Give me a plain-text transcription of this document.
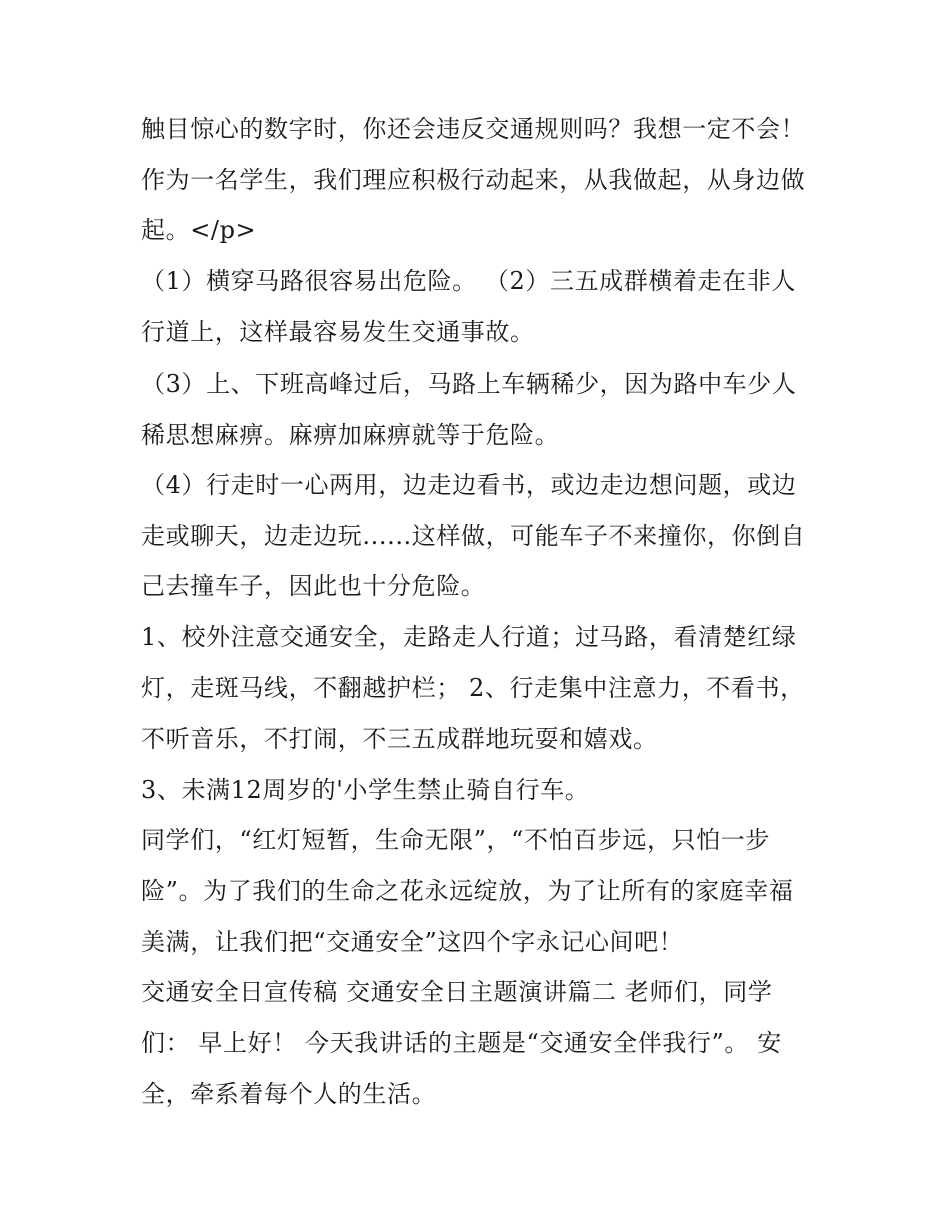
触目惊心的数字时，你还会违反交通规则吗？我想一定不会！
作为一名学生，我们理应积极行动起来，从我做起，从身边做
起。</p>
（1）横穿马路很容易出危险。 （2）三五成群横着走在非人
行道上，这样最容易发生交通事故。
（3）上、下班高峰过后，马路上车辆稀少，因为路中车少人
稀思想麻痹。麻痹加麻痹就等于危险。
（4）行走时一心两用，边走边看书，或边走边想问题，或边
走或聊天，边走边玩......这样做，可能车子不来撞你，你倒自
己去撞车子，因此也十分危险。
1、校外注意交通安全，走路走人行道；过马路，看清楚红绿
灯，走斑马线，不翻越护栏； 2、行走集中注意力，不看书，
不听音乐，不打闹，不三五成群地玩耍和嬉戏。
3、未满12周岁的'小学生禁止骑自行车。
同学们，“红灯短暂，生命无限”，“不怕百步远，只怕一步
险”。为了我们的生命之花永远绽放，为了让所有的家庭幸福
美满，让我们把“交通安全”这四个字永记心间吧！
交通安全日宣传稿 交通安全日主题演讲篇二 老师们，同学
们： 早上好！ 今天我讲话的主题是“交通安全伴我行”。 安
全，牵系着每个人的生活。
